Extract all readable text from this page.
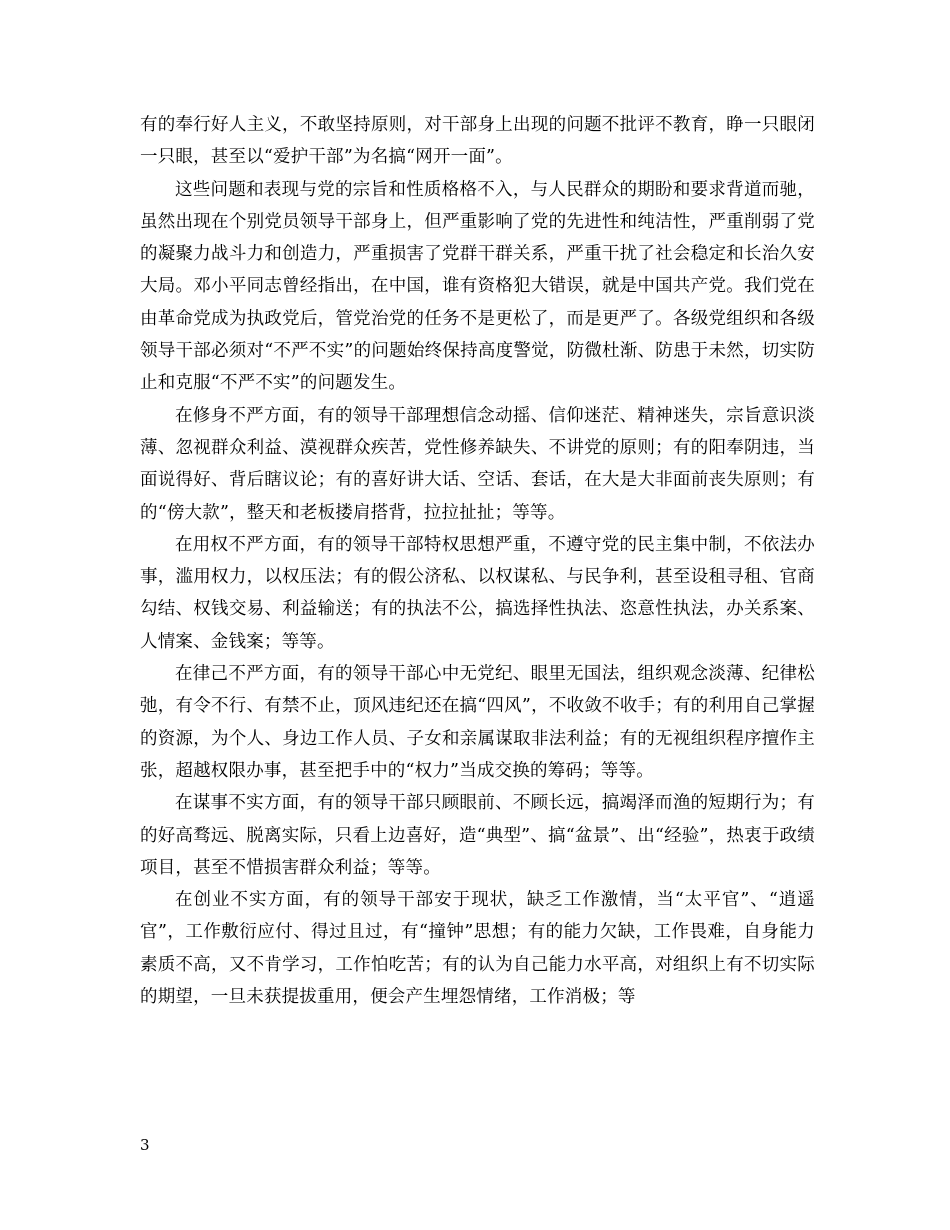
有的奉行好人主义，不敢坚持原则，对干部身上出现的问题不批评不教育，睁一只眼闭一只眼，甚至以“爱护干部”为名搞“网开一面”。

这些问题和表现与党的宗旨和性质格格不入，与人民群众的期盼和要求背道而驰，虽然出现在个别党员领导干部身上，但严重影响了党的先进性和纯洁性，严重削弱了党的凝聚力战斗力和创造力，严重损害了党群干群关系，严重干扰了社会稳定和长治久安大局。邓小平同志曾经指出，在中国，谁有资格犯大错误，就是中国共产党。我们党在由革命党成为执政党后，管党治党的任务不是更松了，而是更严了。各级党组织和各级领导干部必须对“不严不实”的问题始终保持高度警觉，防微杜渐、防患于未然，切实防止和克服“不严不实”的问题发生。

在修身不严方面，有的领导干部理想信念动摇、信仰迷茫、精神迷失，宗旨意识淡薄、忽视群众利益、漠视群众疾苦，党性修养缺失、不讲党的原则；有的阳奉阴违，当面说得好、背后瞎议论；有的喜好讲大话、空话、套话，在大是大非面前丧失原则；有的“傍大款”，整天和老板搂肩搭背，拉拉扯扯；等等。

在用权不严方面，有的领导干部特权思想严重，不遵守党的民主集中制，不依法办事，滥用权力，以权压法；有的假公济私、以权谋私、与民争利，甚至设租寻租、官商勾结、权钱交易、利益输送；有的执法不公，搞选择性执法、恣意性执法，办关系案、人情案、金钱案；等等。

在律己不严方面，有的领导干部心中无党纪、眼里无国法，组织观念淡薄、纪律松弛，有令不行、有禁不止，顶风违纪还在搞“四风”，不收敛不收手；有的利用自己掌握的资源，为个人、身边工作人员、子女和亲属谋取非法利益；有的无视组织程序擅作主张，超越权限办事，甚至把手中的“权力”当成交换的筹码；等等。

在谋事不实方面，有的领导干部只顾眼前、不顾长远，搞竭泽而渔的短期行为；有的好高骛远、脱离实际，只看上边喜好，造“典型”、搞“盆景”、出“经验”，热衷于政绩项目，甚至不惜损害群众利益；等等。

在创业不实方面，有的领导干部安于现状，缺乏工作激情，当“太平官”、“逍遥官”，工作敷衍应付、得过且过，有“撞钟”思想；有的能力欠缺，工作畏难，自身能力素质不高，又不肯学习，工作怕吃苦；有的认为自己能力水平高，对组织上有不切实际的期望，一旦未获提拔重用，便会产生埋怨情绪，工作消极；等

3
